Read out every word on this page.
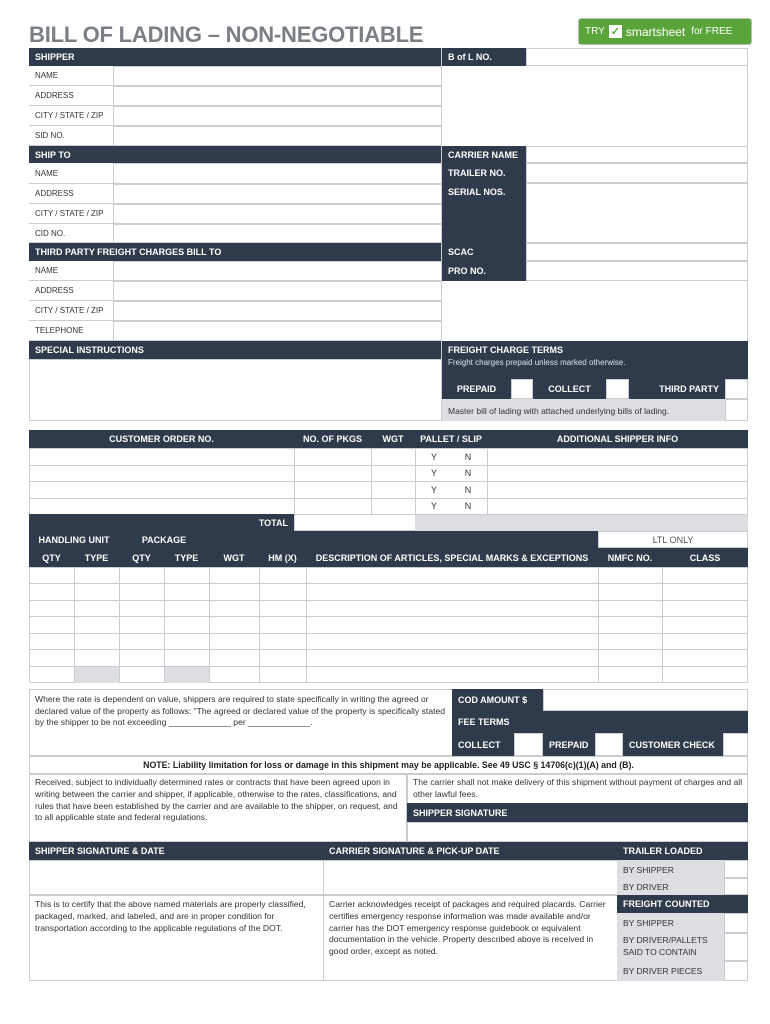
BILL OF LADING – NON-NEGOTIABLE	TRY ✓ smartsheet for FREE
SHIPPER
NAME
ADDRESS
CITY / STATE / ZIP
SID NO.
B of L NO.
SHIP TO
NAME
ADDRESS
CITY / STATE / ZIP
CID NO.
CARRIER NAME
TRAILER NO.
SERIAL NOS.
THIRD PARTY FREIGHT CHARGES BILL TO
NAME
ADDRESS
CITY / STATE / ZIP
TELEPHONE
SCAC
PRO NO.
SPECIAL INSTRUCTIONS	FREIGHT CHARGE TERMS
Freight charges prepaid unless marked otherwise.
PREPAID	COLLECT	THIRD PARTY
Master bill of lading with attached underlying bills of lading.
CUSTOMER ORDER NO.	NO. OF PKGS	WGT	PALLET / SLIP	ADDITIONAL SHIPPER INFO
Y	N
Y	N
Y	N
Y	N
TOTAL
HANDLING UNIT	PACKAGE	LTL ONLY
QTY	TYPE	QTY	TYPE	WGT	HM (X)	DESCRIPTION OF ARTICLES, SPECIAL MARKS & EXCEPTIONS	NMFC NO.	CLASS
Where the rate is dependent on value, shippers are required to state specifically in writing the agreed or declared value of the property as follows: "The agreed or declared value of the property is specifically stated by the shipper to be not exceeding _____________ per _____________.
COD AMOUNT $
FEE TERMS
COLLECT	PREPAID	CUSTOMER CHECK
NOTE: Liability limitation for loss or damage in this shipment may be applicable. See 49 USC § 14706(c)(1)(A) and (B).
Received, subject to individually determined rates or contracts that have been agreed upon in writing between the carrier and shipper, if applicable, otherwise to the rates, classifications, and rules that have been established by the carrier and are available to the shipper, on request, and to all applicable state and federal regulations.
The carrier shall not make delivery of this shipment without payment of charges and all other lawful fees.
SHIPPER SIGNATURE
SHIPPER SIGNATURE & DATE	CARRIER SIGNATURE & PICK-UP DATE	TRAILER LOADED
BY SHIPPER
BY DRIVER
This is to certify that the above named materials are properly classified, packaged, marked, and labeled, and are in proper condition for transportation according to the applicable regulations of the DOT.
Carrier acknowledges receipt of packages and required placards. Carrier certifies emergency response information was made available and/or carrier has the DOT emergency response guidebook or equivalent documentation in the vehicle. Property described above is received in good order, except as noted.
FREIGHT COUNTED
BY SHIPPER
BY DRIVER/PALLETS SAID TO CONTAIN
BY DRIVER PIECES
